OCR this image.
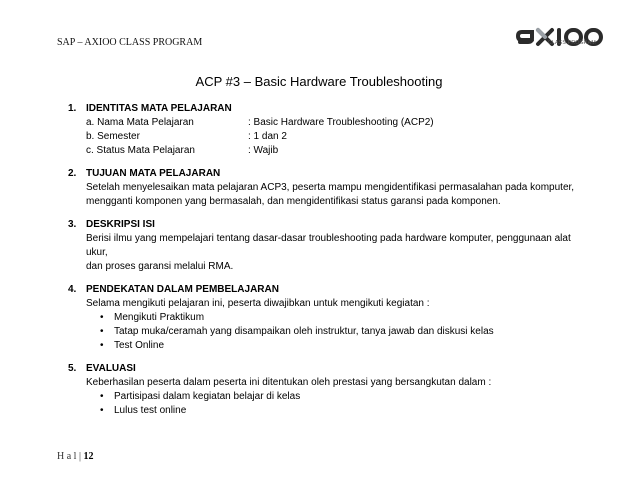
SAP – AXIOO CLASS PROGRAM	CLASS PROGRAM
ACP #3 – Basic Hardware Troubleshooting
1. IDENTITAS MATA PELAJARAN
a. Nama Mata Pelajaran	: Basic Hardware Troubleshooting (ACP2)
b. Semester	: 1 dan 2
c. Status Mata Pelajaran	: Wajib
2. TUJUAN MATA PELAJARAN
Setelah menyelesaikan mata pelajaran ACP3, peserta mampu mengidentifikasi permasalahan pada komputer,
mengganti komponen yang bermasalah, dan mengidentifikasi status garansi pada komponen.
3. DESKRIPSI ISI
Berisi ilmu yang mempelajari tentang dasar-dasar troubleshooting pada hardware komputer, penggunaan alat ukur,
dan proses garansi melalui RMA.
4. PENDEKATAN DALAM PEMBELAJARAN
Selama mengikuti pelajaran ini, peserta diwajibkan untuk mengikuti kegiatan :
• Mengikuti Praktikum
• Tatap muka/ceramah yang disampaikan oleh instruktur, tanya jawab dan diskusi kelas
• Test Online
5. EVALUASI
Keberhasilan peserta dalam peserta ini ditentukan oleh prestasi yang bersangkutan dalam :
• Partisipasi dalam kegiatan belajar di kelas
• Lulus test online
H a l | 12
